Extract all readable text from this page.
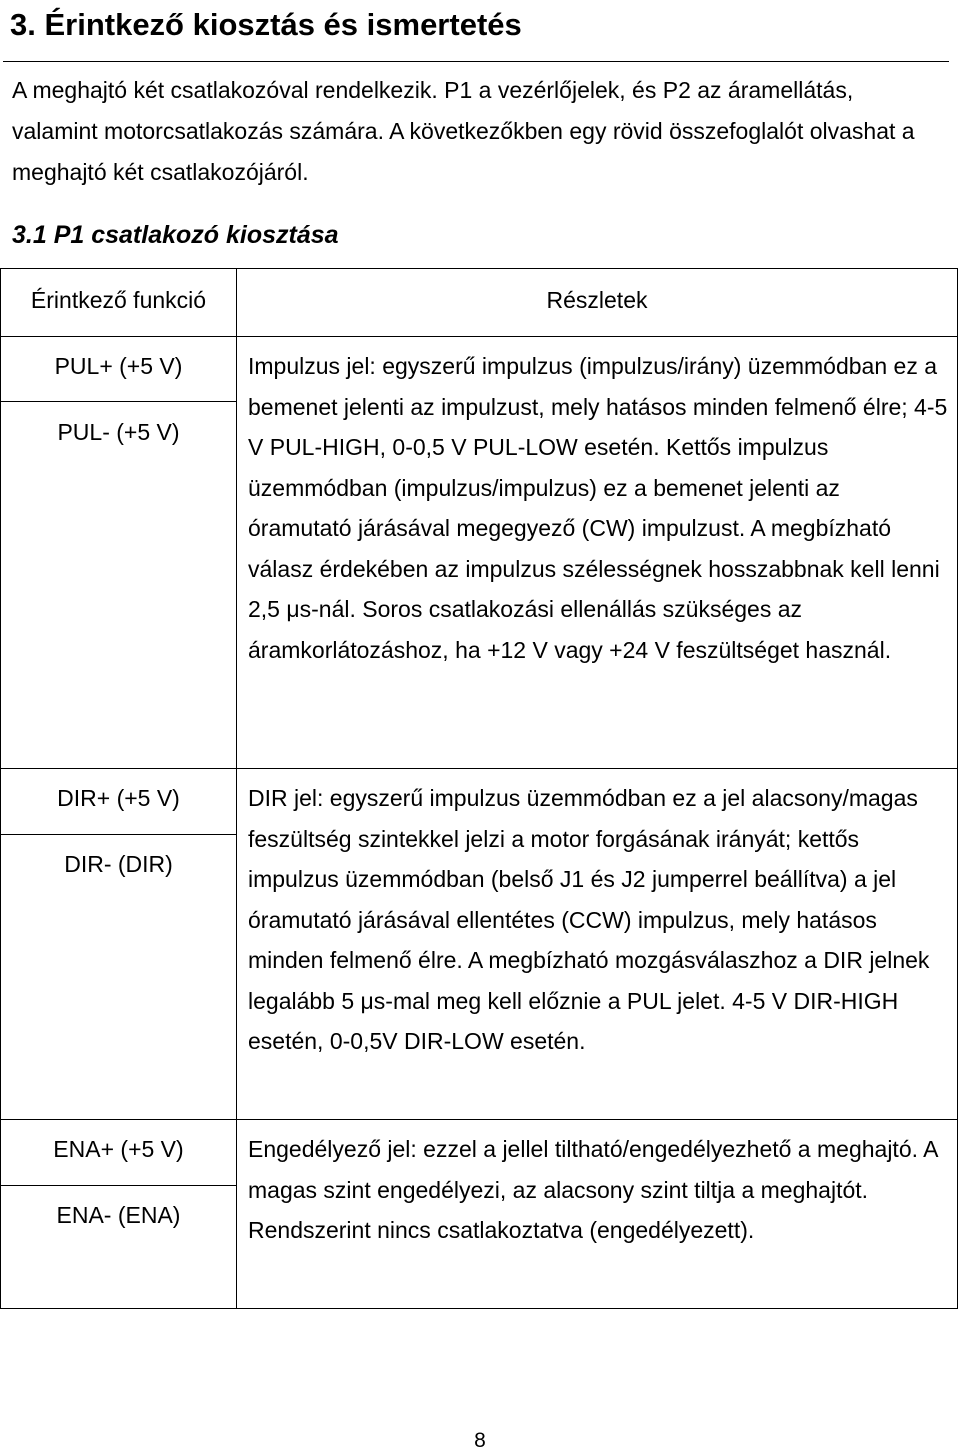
3. Érintkező kiosztás és ismertetés

A meghajtó két csatlakozóval rendelkezik. P1 a vezérlőjelek, és P2 az áramellátás, valamint motorcsatlakozás számára. A következőkben egy rövid összefoglalót olvashat a meghajtó két csatlakozójáról.

3.1 P1 csatlakozó kiosztása
Érintkező funkció	Részletek
PUL+ (+5 V)
PUL- (+5 V)

Impulzus jel: egyszerű impulzus (impulzus/irány) üzemmódban ez a bemenet jelenti az impulzust, mely hatásos minden felmenő élre; 4-5 V PUL-HIGH, 0-0,5 V PUL-LOW esetén. Kettős impulzus üzemmódban (impulzus/impulzus) ez a bemenet jelenti az óramutató járásával megegyező (CW) impulzust. A megbízható válasz érdekében az impulzus szélességnek hosszabbnak kell lenni 2,5 μs-nál. Soros csatlakozási ellenállás szükséges az áramkorlátozáshoz, ha +12 V vagy +24 V feszültséget használ.

DIR+ (+5 V)
DIR- (DIR)

DIR jel: egyszerű impulzus üzemmódban ez a jel alacsony/magas feszültség szintekkel jelzi a motor forgásának irányát; kettős impulzus üzemmódban (belső J1 és J2 jumperrel beállítva) a jel óramutató járásával ellentétes (CCW) impulzus, mely hatásos minden felmenő élre. A megbízható mozgásválaszhoz a DIR jelnek legalább 5 μs-mal meg kell előznie a PUL jelet. 4-5 V DIR-HIGH esetén, 0-0,5V DIR-LOW esetén.

ENA+ (+5 V)
ENA- (ENA)

Engedélyező jel: ezzel a jellel tiltható/engedélyezhető a meghajtó. A magas szint engedélyezi, az alacsony szint tiltja a meghajtót. Rendszerint nincs csatlakoztatva (engedélyezett).

8
